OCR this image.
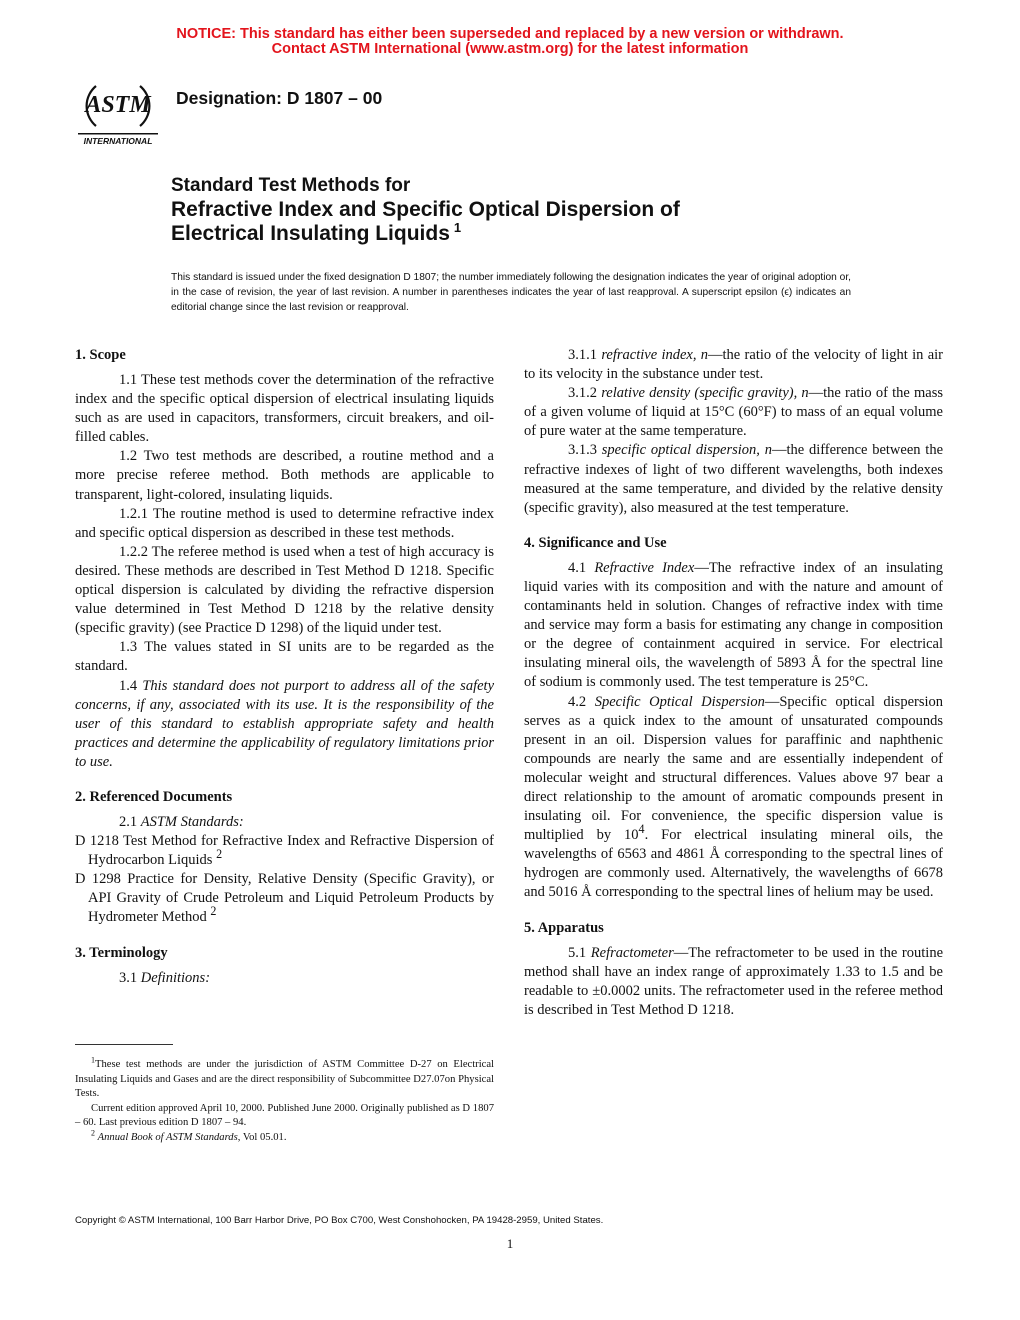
NOTICE: This standard has either been superseded and replaced by a new version or withdrawn.
Contact ASTM International (www.astm.org) for the latest information
ASTM
INTERNATIONAL
Designation: D 1807 – 00
Standard Test Methods for
Refractive Index and Specific Optical Dispersion of
Electrical Insulating Liquids $^1$
This standard is issued under the fixed designation D 1807; the number immediately following the designation indicates the year of original adoption or, in the case of revision, the year of last revision. A number in parentheses indicates the year of last reapproval. A superscript epsilon (ϵ) indicates an editorial change since the last revision or reapproval.
1. Scope

1.1 These test methods cover the determination of the refractive index and the specific optical dispersion of electrical insulating liquids such as are used in capacitors, transformers, circuit breakers, and oil-filled cables.

1.2 Two test methods are described, a routine method and a more precise referee method. Both methods are applicable to transparent, light-colored, insulating liquids.

1.2.1 The routine method is used to determine refractive index and specific optical dispersion as described in these test methods.

1.2.2 The referee method is used when a test of high accuracy is desired. These methods are described in Test Method D 1218. Specific optical dispersion is calculated by dividing the refractive dispersion value determined in Test Method D 1218 by the relative density (specific gravity) (see Practice D 1298) of the liquid under test.

1.3 The values stated in SI units are to be regarded as the standard.

1.4 This standard does not purport to address all of the safety concerns, if any, associated with its use. It is the responsibility of the user of this standard to establish appropriate safety and health practices and determine the applicability of regulatory limitations prior to use.

2. Referenced Documents

2.1 ASTM Standards:

D 1218 Test Method for Refractive Index and Refractive Dispersion of Hydrocarbon Liquids $^2$

D 1298 Practice for Density, Relative Density (Specific Gravity), or API Gravity of Crude Petroleum and Liquid Petroleum Products by Hydrometer Method $^2$

3. Terminology

3.1 Definitions:

3.1.1 refractive index, n—the ratio of the velocity of light in air to its velocity in the substance under test.

3.1.2 relative density (specific gravity), n—the ratio of the mass of a given volume of liquid at 15°C (60°F) to mass of an equal volume of pure water at the same temperature.

3.1.3 specific optical dispersion, n—the difference between the refractive indexes of light of two different wavelengths, both indexes measured at the same temperature, and divided by the relative density (specific gravity), also measured at the test temperature.

4. Significance and Use

4.1 Refractive Index—The refractive index of an insulating liquid varies with its composition and with the nature and amount of contaminants held in solution. Changes of refractive index with time and service may form a basis for estimating any change in composition or the degree of containment acquired in service. For electrical insulating mineral oils, the wavelength of 5893 Å for the spectral line of sodium is commonly used. The test temperature is 25°C.

4.2 Specific Optical Dispersion—Specific optical dispersion serves as a quick index to the amount of unsaturated compounds present in an oil. Dispersion values for paraffinic and naphthenic compounds are nearly the same and are essentially independent of molecular weight and structural differences. Values above 97 bear a direct relationship to the amount of aromatic compounds present in insulating oil. For convenience, the specific dispersion value is multiplied by $10^4$. For electrical insulating mineral oils, the wavelengths of 6563 and 4861 Å corresponding to the spectral lines of hydrogen are commonly used. Alternatively, the wavelengths of 6678 and 5016 Å corresponding to the spectral lines of helium may be used.

5. Apparatus

5.1 Refractometer—The refractometer to be used in the routine method shall have an index range of approximately 1.33 to 1.5 and be readable to ±0.0002 units. The refractometer used in the referee method is described in Test Method D 1218.

$^1$These test methods are under the jurisdiction of ASTM Committee D-27 on Electrical Insulating Liquids and Gases and are the direct responsibility of Subcommittee D27.07on Physical Tests.

Current edition approved April 10, 2000. Published June 2000. Originally published as D 1807 – 60. Last previous edition D 1807 – 94.

$^2$ Annual Book of ASTM Standards, Vol 05.01.

Copyright © ASTM International, 100 Barr Harbor Drive, PO Box C700, West Conshohocken, PA 19428-2959, United States.
1
